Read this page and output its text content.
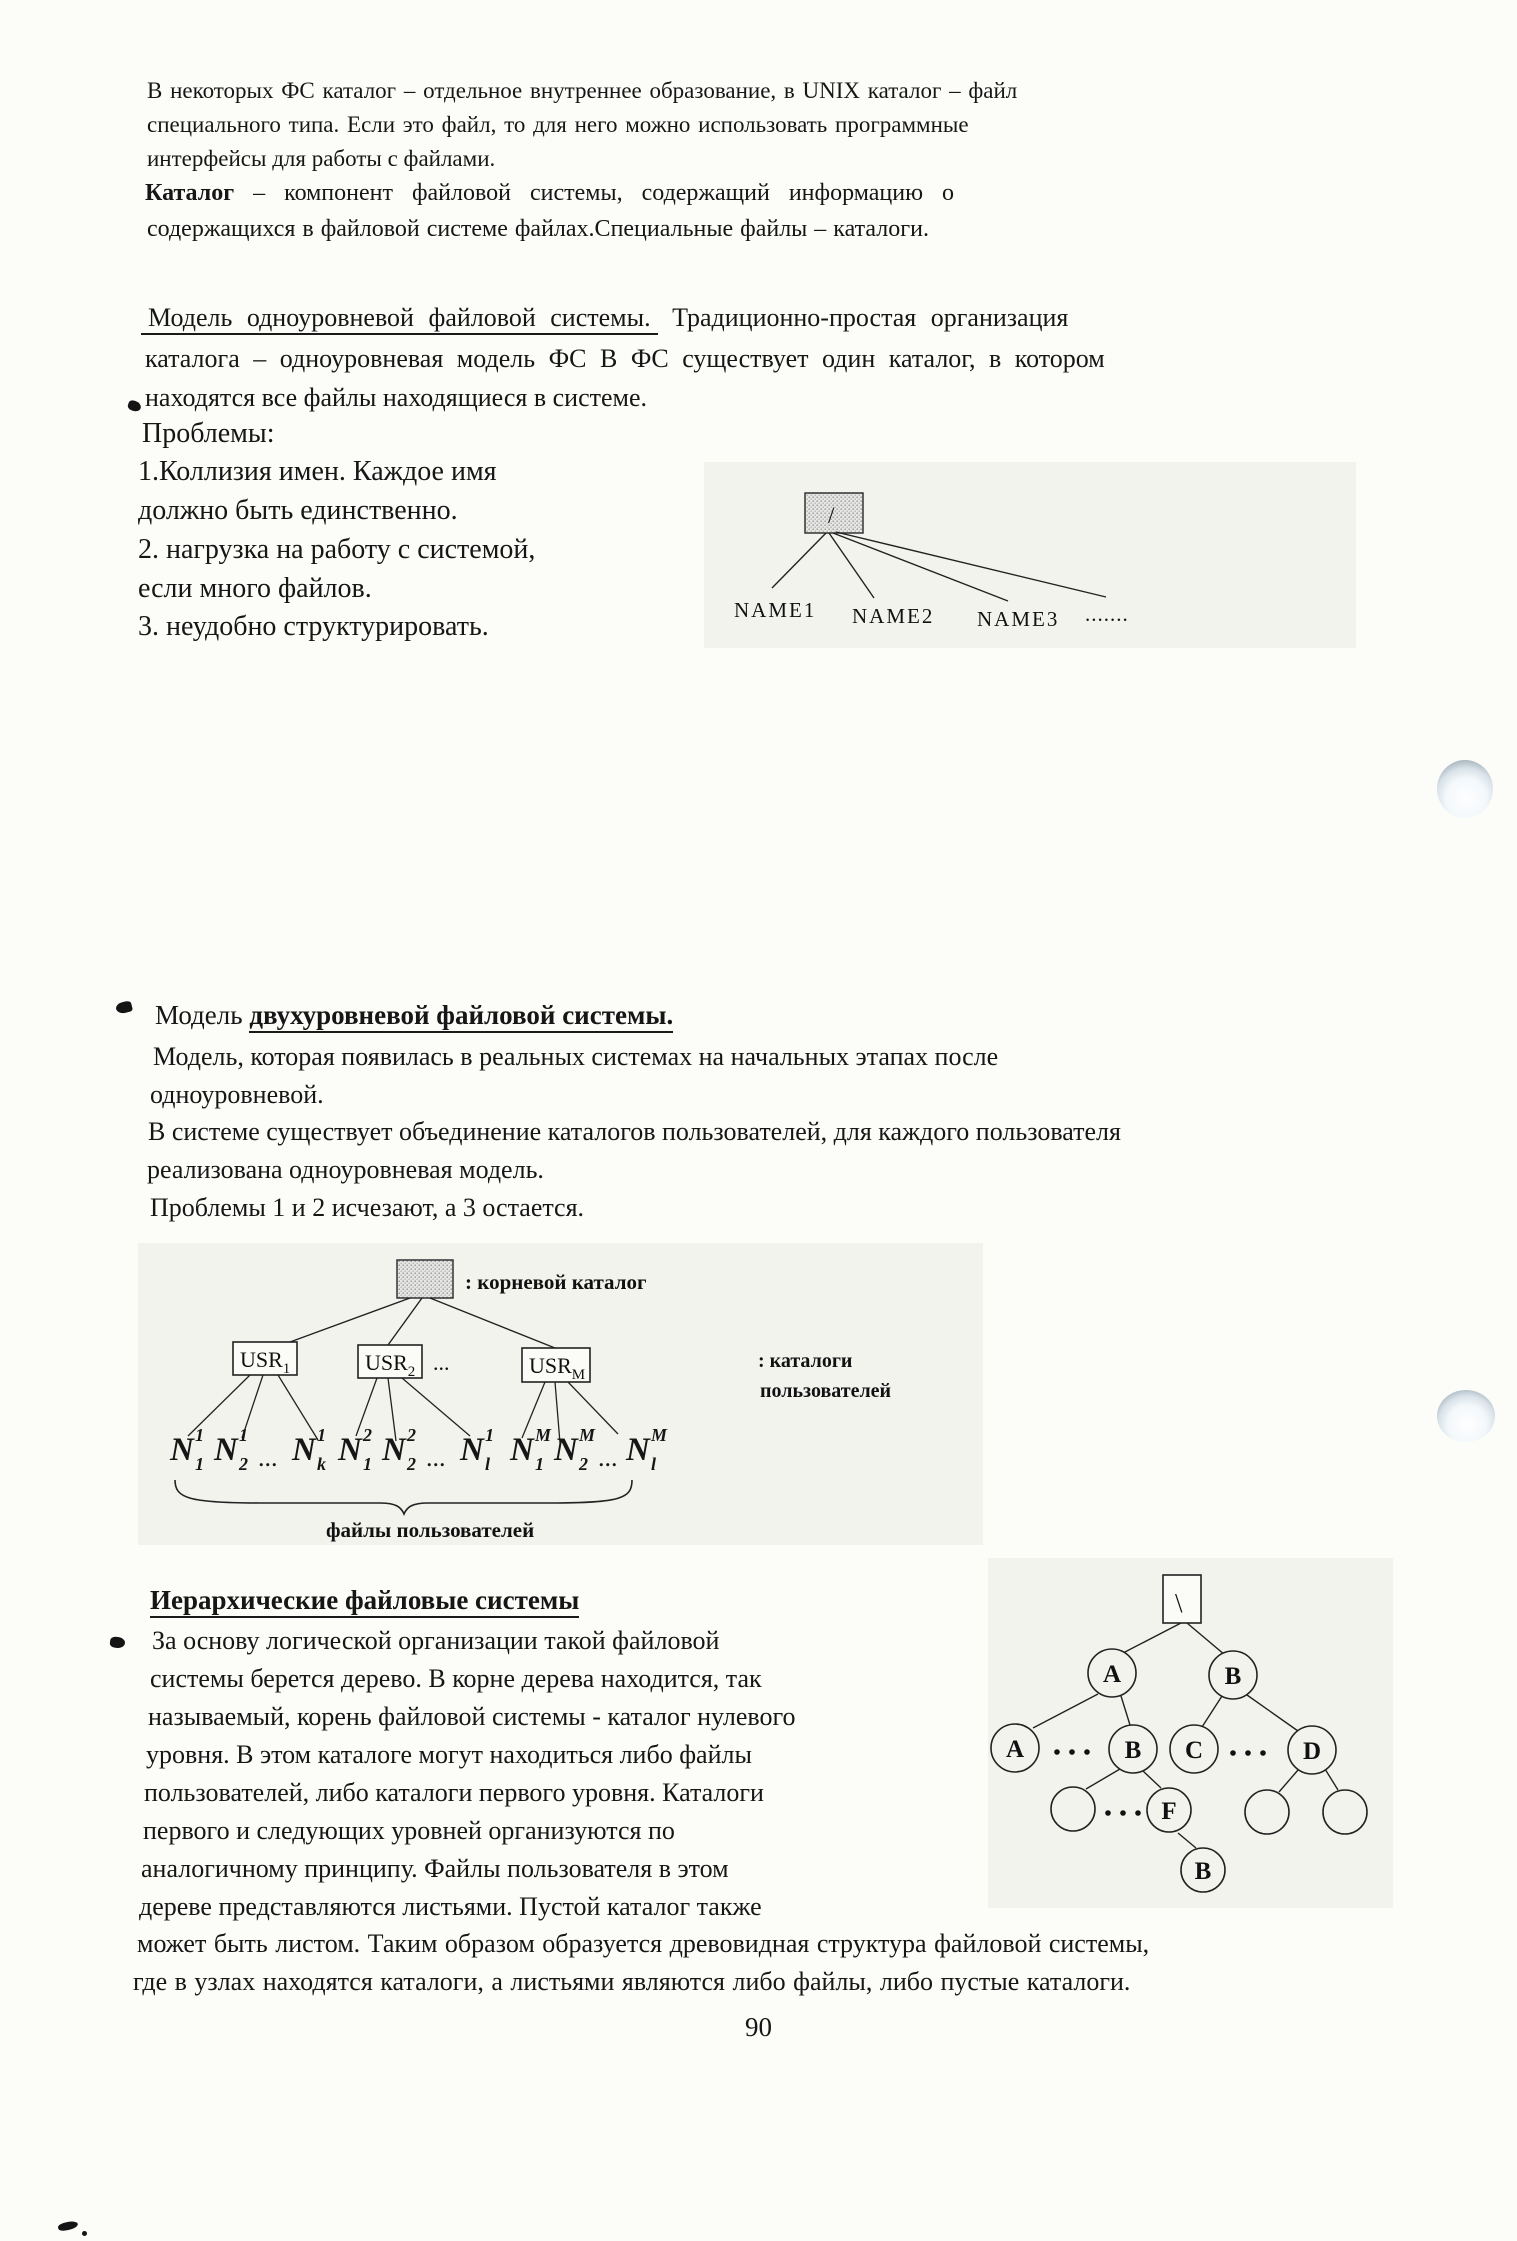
В некоторых ФС каталог – отдельное внутреннее образование, в UNIX каталог – файл
специального типа. Если это файл, то для него можно использовать программные
интерфейсы для работы с файлами.
Каталог – компонент файловой системы, содержащий информацию о
содержащихся в файловой системе файлах.Специальные файлы – каталоги.
Модель одноуровневой файловой системы. Традиционно-простая организация
каталога – одноуровневая модель ФС В ФС существует один каталог, в котором
находятся все файлы находящиеся в системе.
Проблемы:
1.Коллизия имен. Каждое имя
должно быть единственно.
2. нагрузка на работу с системой,
если много файлов.
3. неудобно структурировать.
/
NAME1 NAME2 NAME3 .......
Модель двухуровневой файловой системы.
Модель, которая появилась в реальных системах на начальных этапах после
одноуровневой.
В системе существует объединение каталогов пользователей, для каждого пользователя
реализована одноуровневая модель.
Проблемы 1 и 2 исчезают, а 3 остается.
: корневой каталог
$USR_1$	$USR_2$	$USR_M$
...	: каталоги
пользователей
файлы пользователей
N 1
1 N 1
2 ... N 1
k N 2
1 N 2
2 ... N 1
l N M
1 N M
2 ... N M
l
Иерархические файловые системы
За основу логической организации такой файловой
системы берется дерево. В корне дерева находится, так
называемый, корень файловой системы - каталог нулевого
уровня. В этом каталоге могут находиться либо файлы
пользователей, либо каталоги первого уровня. Каталоги
первого и следующих уровней организуются по
аналогичному принципу. Файлы пользователя в этом
дереве представляются листьями. Пустой каталог также
может быть листом. Таким образом образуется древовидная структура файловой системы,
где в узлах находятся каталоги, а листьями являются либо файлы, либо пустые каталоги.
\
A	B
A	B C	D
F
B
90
